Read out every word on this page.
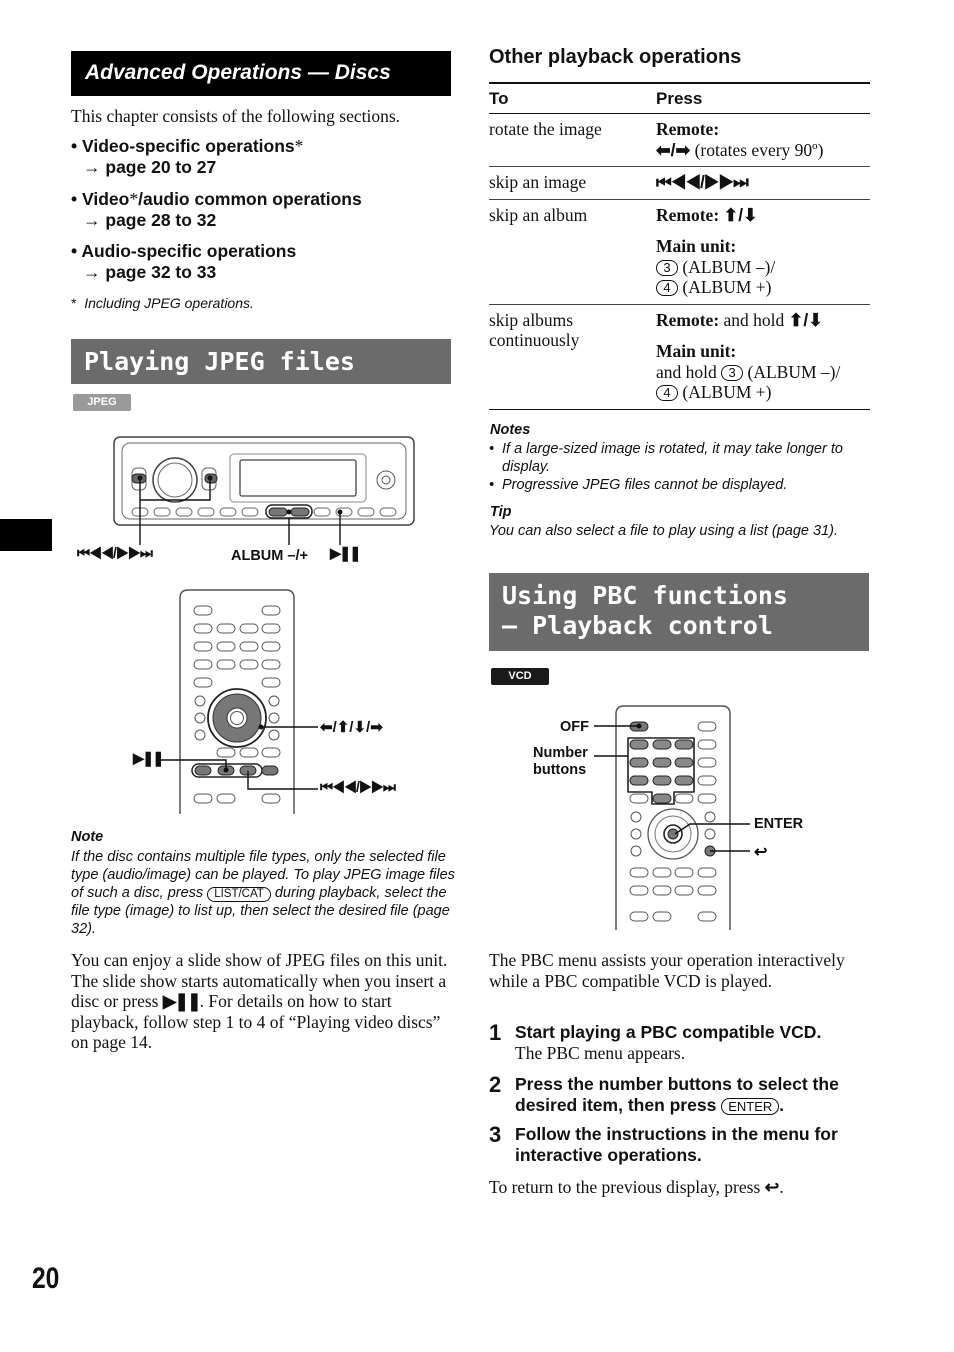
Advanced Operations — Discs
This chapter consists of the following sections.
• Video-specific operations*
→ page 20 to 27
• Video*/audio common operations
→ page 28 to 32
• Audio-specific operations
→ page 32 to 33
* Including JPEG operations.
Playing JPEG files
JPEG
⏮◀◀/▶▶⏭	ALBUM –/+ ▶❚❚
⬅/⬆/⬇/➡
▶❚❚
⏮◀◀/▶▶⏭
Note
If the disc contains multiple file types, only the selected file type (audio/image) can be played. To play JPEG image files of such a disc, press LIST/CAT during playback, select the file type (image) to list up, then select the desired file (page 32).
You can enjoy a slide show of JPEG files on this unit. The slide show starts automatically when you insert a disc or press ▶❚❚. For details on how to start playback, follow step 1 to 4 of “Playing video discs” on page 14.
Other playback operations
To	Press
rotate the image	Remote:
⬅/➡ (rotates every 90º)
skip an image	⏮◀◀/▶▶⏭
skip an album	Remote: ⬆/⬇
Main unit:
3 (ALBUM –)/
4 (ALBUM +)
skip albums continuously	Remote: and hold ⬆/⬇
Main unit:
and hold 3 (ALBUM –)/
4 (ALBUM +)
Notes
• If a large-sized image is rotated, it may take longer to display.
• Progressive JPEG files cannot be displayed.
Tip
You can also select a file to play using a list (page 31).
Using PBC functions
— Playback control
VCD
OFF
Number
buttons
ENTER
↩
The PBC menu assists your operation interactively while a PBC compatible VCD is played.
1 Start playing a PBC compatible VCD.
The PBC menu appears.
2 Press the number buttons to select the desired item, then press ENTER .
3 Follow the instructions in the menu for interactive operations.
To return to the previous display, press ↩.
20
